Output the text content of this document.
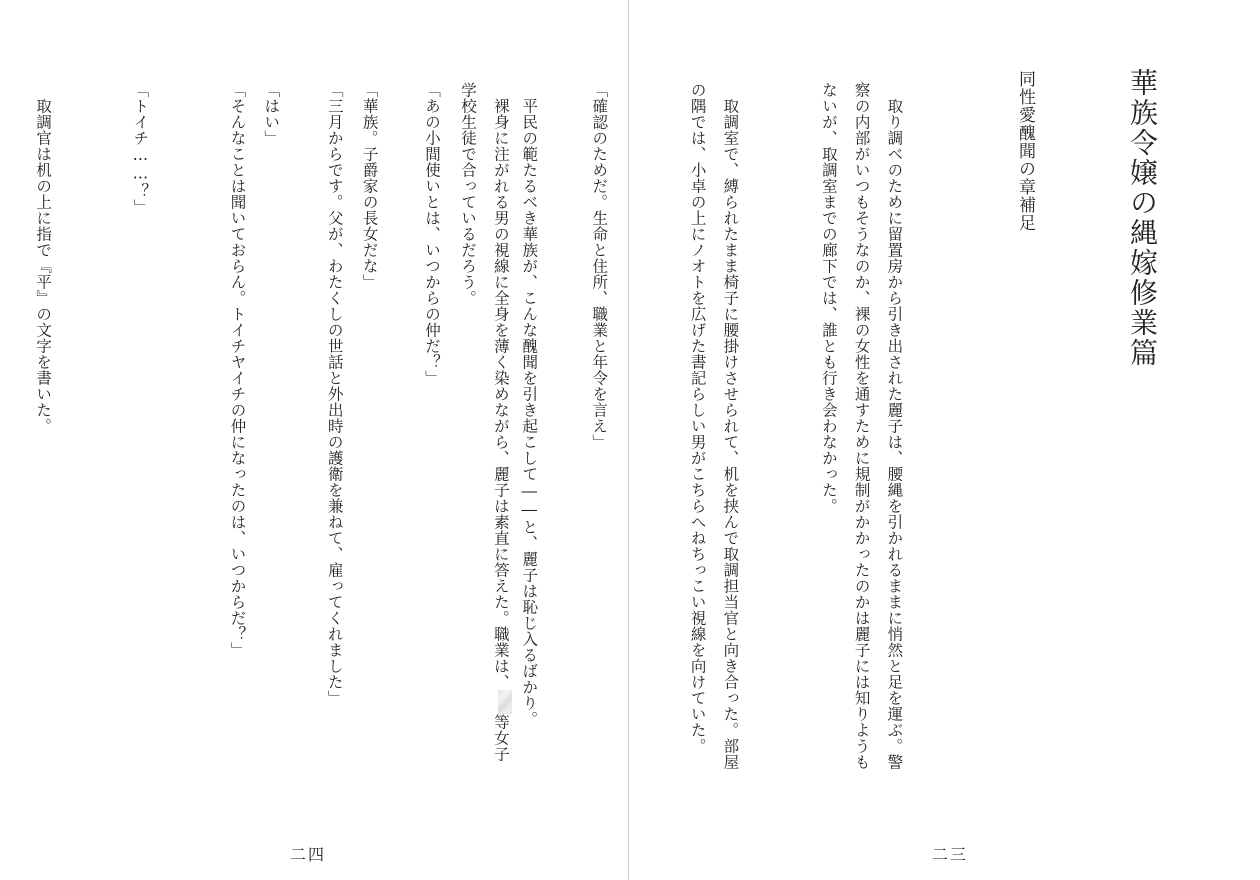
華族令嬢の縄嫁修業篇
同性愛醜聞の章補足

　取り調べのために留置房から引き出された麗子は、腰縄を引かれるままに悄然と足を運ぶ。警察の内部がいつもそうなのか、裸の女性を通すために規制がかかったのかは麗子には知りようもないが、取調室までの廊下では、誰とも行き会わなかった。

　取調室で、縛られたまま椅子に腰掛けさせられて、机を挟んで取調担当官と向き合った。部屋の隅では、小卓の上にノオトを広げた書記らしい男がこちらへねちっこい視線を向けていた。

「確認のためだ。生命と住所、職業と年令を言え」

　裸身に注がれる男の視線に全身を薄く染めながら、麗子は素直に答えた。職業は、等女子学校生徒で合っているだろう。

「華族。子爵家の長女だな」

「はい」

	　平民の範たるべき華族が、こんな醜聞を引き起こして――と、麗子は恥じ入るばかり。

「あの小間使いとは、いつからの仲だ？」

「三月からです。父が、わたくしの世話と外出時の護衛を兼ねて、雇ってくれました」

「そんなことは聞いておらん。トイチヤイチの仲になったのは、いつからだ？」

「トイチ……？」

　取調官は机の上に指で『平』の文字を書いた。

二四	二三
